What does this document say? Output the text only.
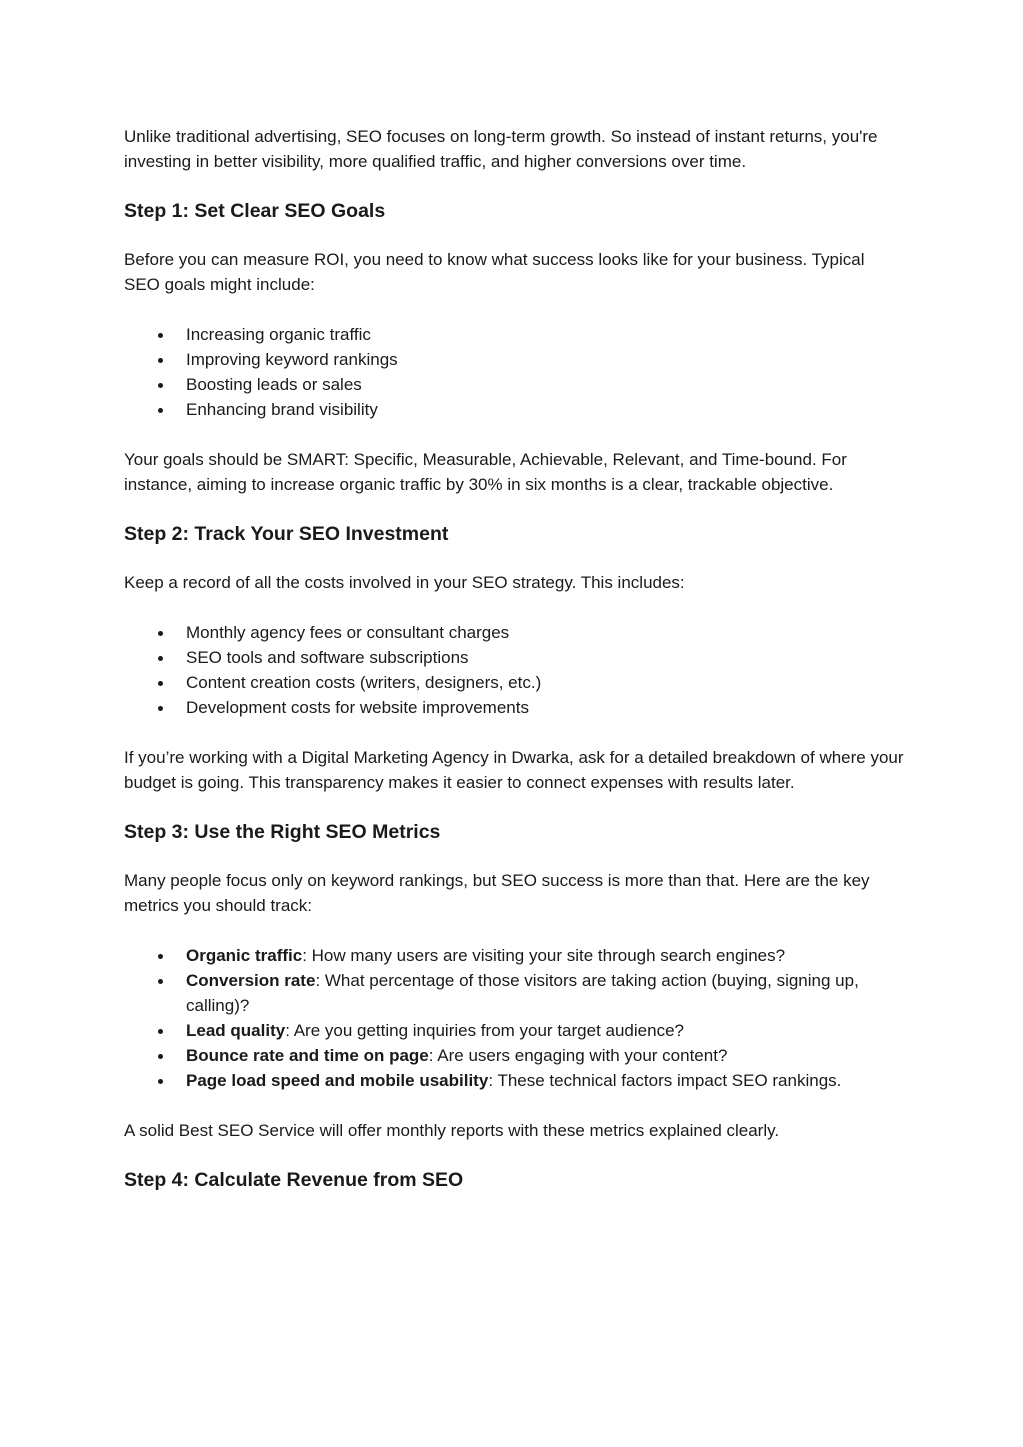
Unlike traditional advertising, SEO focuses on long-term growth. So instead of instant returns, you're investing in better visibility, more qualified traffic, and higher conversions over time.

Step 1: Set Clear SEO Goals

Before you can measure ROI, you need to know what success looks like for your business. Typical SEO goals might include:

Increasing organic traffic
Improving keyword rankings
Boosting leads or sales
Enhancing brand visibility

Your goals should be SMART: Specific, Measurable, Achievable, Relevant, and Time-bound. For instance, aiming to increase organic traffic by 30% in six months is a clear, trackable objective.

Step 2: Track Your SEO Investment

Keep a record of all the costs involved in your SEO strategy. This includes:

Monthly agency fees or consultant charges
SEO tools and software subscriptions
Content creation costs (writers, designers, etc.)
Development costs for website improvements

If you’re working with a Digital Marketing Agency in Dwarka, ask for a detailed breakdown of where your budget is going. This transparency makes it easier to connect expenses with results later.

Step 3: Use the Right SEO Metrics

Many people focus only on keyword rankings, but SEO success is more than that. Here are the key metrics you should track:

Organic traffic: How many users are visiting your site through search engines?
Conversion rate: What percentage of those visitors are taking action (buying, signing up, calling)?
Lead quality: Are you getting inquiries from your target audience?
Bounce rate and time on page: Are users engaging with your content?
Page load speed and mobile usability: These technical factors impact SEO rankings.

A solid Best SEO Service will offer monthly reports with these metrics explained clearly.

Step 4: Calculate Revenue from SEO
